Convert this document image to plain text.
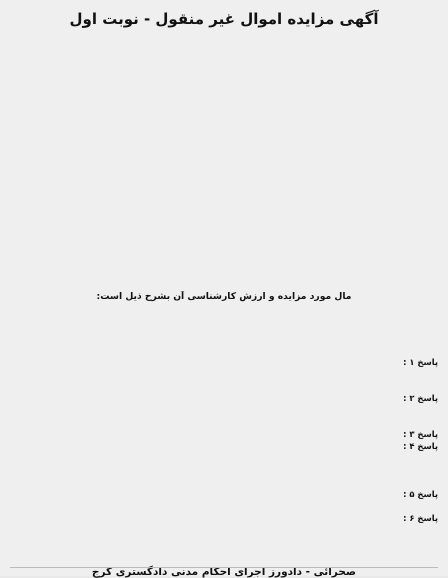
آگهی مزایده اموال غیر منقول - نوبت اول

مال مورد مزایده و ارزش کارشناسی آن بشرح ذیل است:

پاسخ ۱ :

پاسخ ۲ :

پاسخ ۳ :

پاسخ ۴ :

پاسخ ۵ :

پاسخ ۶ :

صحرائی - دادورز اجرای احکام مدنی دادگستری کرج
